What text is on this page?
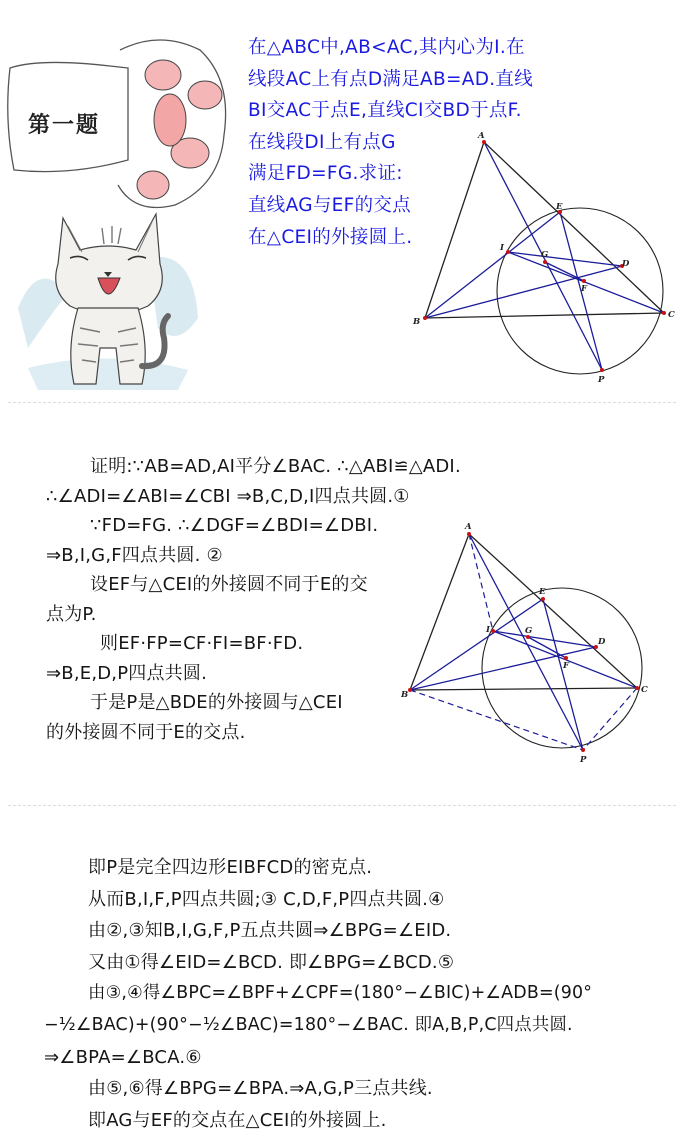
第一题
在△ABC中,AB<AC,其内心为I.在
线段AC上有点D满足AB=AD.直线
BI交AC于点E,直线CI交BD于点F.
在线段DI上有点G
满足FD=FG.求证:
直线AG与EF的交点
在△CEI的外接圆上.
A
B
C
E
I
G
D
F
P
证明:∵AB=AD,AI平分∠BAC. ∴△ABI≌△ADI.
∴∠ADI=∠ABI=∠CBI ⇒B,C,D,I四点共圆.①
∵FD=FG. ∴∠DGF=∠BDI=∠DBI.
⇒B,I,G,F四点共圆. ②
设EF与△CEI的外接圆不同于E的交
点为P.
则EF·FP=CF·FI=BF·FD.
⇒B,E,D,P四点共圆.
于是P是△BDE的外接圆与△CEI
的外接圆不同于E的交点.
A
B	C
E
I	G
D
F
P
即P是完全四边形EIBFCD的密克点.
从而B,I,F,P四点共圆;③ C,D,F,P四点共圆.④
由②,③知B,I,G,F,P五点共圆⇒∠BPG=∠EID.
又由①得∠EID=∠BCD. 即∠BPG=∠BCD.⑤
由③,④得∠BPC=∠BPF+∠CPF=(180°−∠BIC)+∠ADB=(90°
−½∠BAC)+(90°−½∠BAC)=180°−∠BAC. 即A,B,P,C四点共圆.
⇒∠BPA=∠BCA.⑥
由⑤,⑥得∠BPG=∠BPA.⇒A,G,P三点共线.
即AG与EF的交点在△CEI的外接圆上.
